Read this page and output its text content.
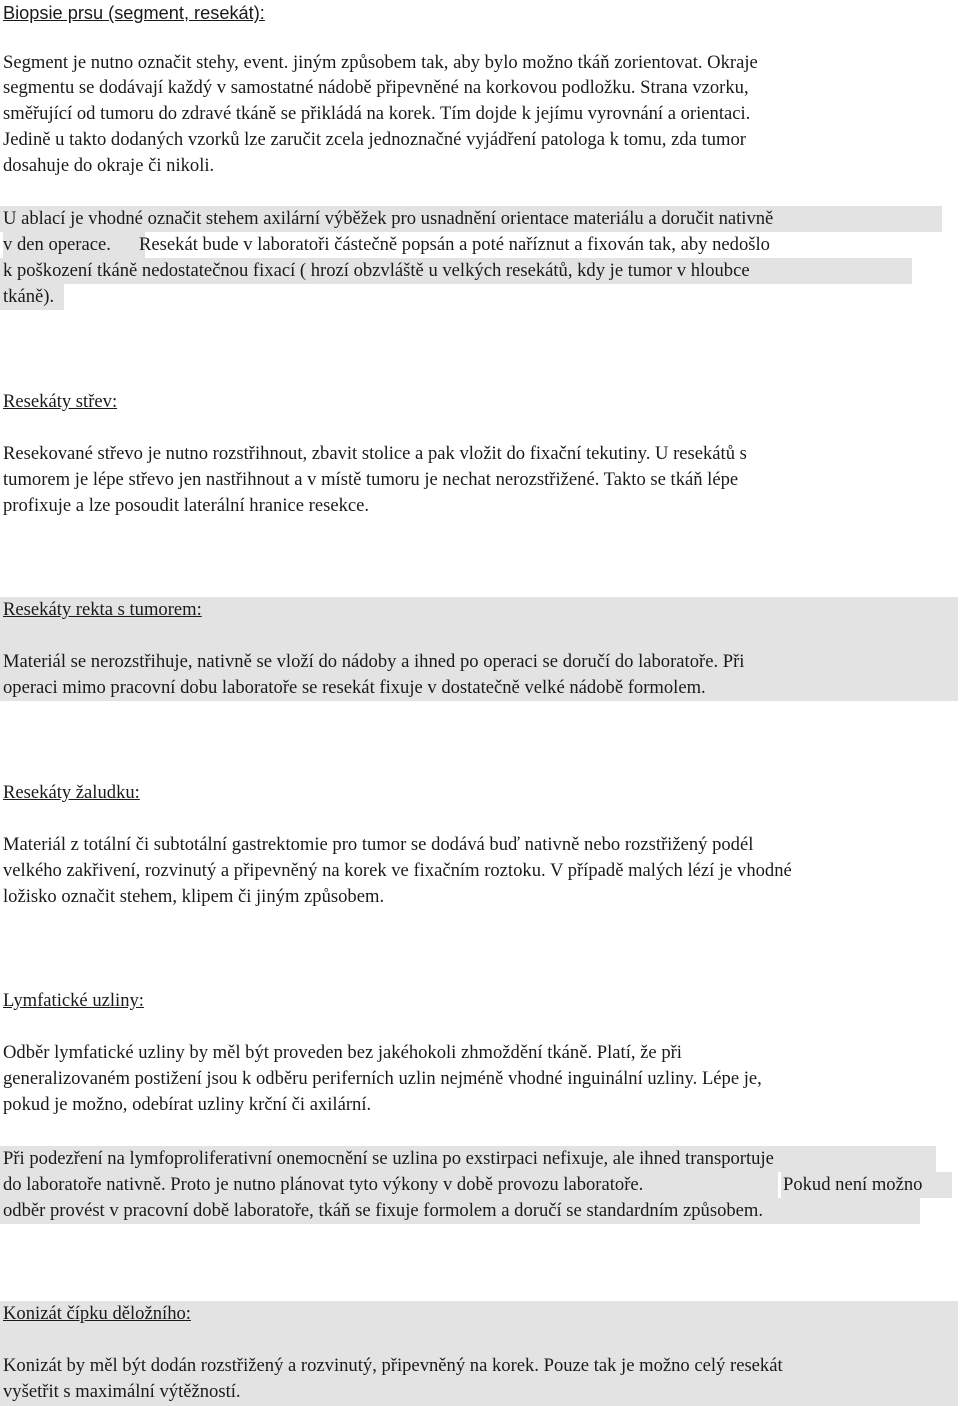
Biopsie prsu (segment, resekát):
Segment je nutno označit stehy, event. jiným způsobem tak, aby bylo možno tkáň zorientovat. Okraje
segmentu se dodávají každý v samostatné nádobě připevněné na korkovou podložku. Strana vzorku,
směřující od tumoru do zdravé tkáně se přikládá na korek. Tím dojde k jejímu vyrovnání a orientaci.
Jedině u takto dodaných vzorků lze zaručit zcela jednoznačné vyjádření patologa k tomu, zda tumor
dosahuje do okraje či nikoli.
U ablací je vhodné označit stehem axilární výběžek pro usnadnění orientace materiálu a doručit nativně
v den operace.	Resekát bude v laboratoři částečně popsán a poté naříznut a fixován tak, aby nedošlo
k poškození tkáně nedostatečnou fixací ( hrozí obzvláště u velkých resekátů, kdy je tumor v hloubce
tkáně).
Resekáty střev:
Resekované střevo je nutno rozstřihnout, zbavit stolice a pak vložit do fixační tekutiny. U resekátů s
tumorem je lépe střevo jen nastřihnout a v místě tumoru je nechat nerozstřižené. Takto se tkáň lépe
profixuje a lze posoudit laterální hranice resekce.
Resekáty rekta s tumorem:
Materiál se nerozstřihuje, nativně se vloží do nádoby a ihned po operaci se doručí do laboratoře. Při
operaci mimo pracovní dobu laboratoře se resekát fixuje v dostatečně velké nádobě formolem.
Resekáty žaludku:
Materiál z totální či subtotální gastrektomie pro tumor se dodává buď nativně nebo rozstřižený podél
velkého zakřivení, rozvinutý a připevněný na korek ve fixačním roztoku. V případě malých lézí je vhodné
ložisko označit stehem, klipem či jiným způsobem.
Lymfatické uzliny:
Odběr lymfatické uzliny by měl být proveden bez jakéhokoli zhmoždění tkáně. Platí, že při
generalizovaném postižení jsou k odběru periferních uzlin nejméně vhodné inguinální uzliny. Lépe je,
pokud je možno, odebírat uzliny krční či axilární.
Při podezření na lymfoproliferativní onemocnění se uzlina po exstirpaci nefixuje, ale ihned transportuje
do laboratoře nativně. Proto je nutno plánovat tyto výkony v době provozu laboratoře.	Pokud není možno
odběr provést v pracovní době laboratoře, tkáň se fixuje formolem a doručí se standardním způsobem.
Konizát čípku děložního:
Konizát by měl být dodán rozstřižený a rozvinutý, připevněný na korek. Pouze tak je možno celý resekát
vyšetřit s maximální výtěžností.
